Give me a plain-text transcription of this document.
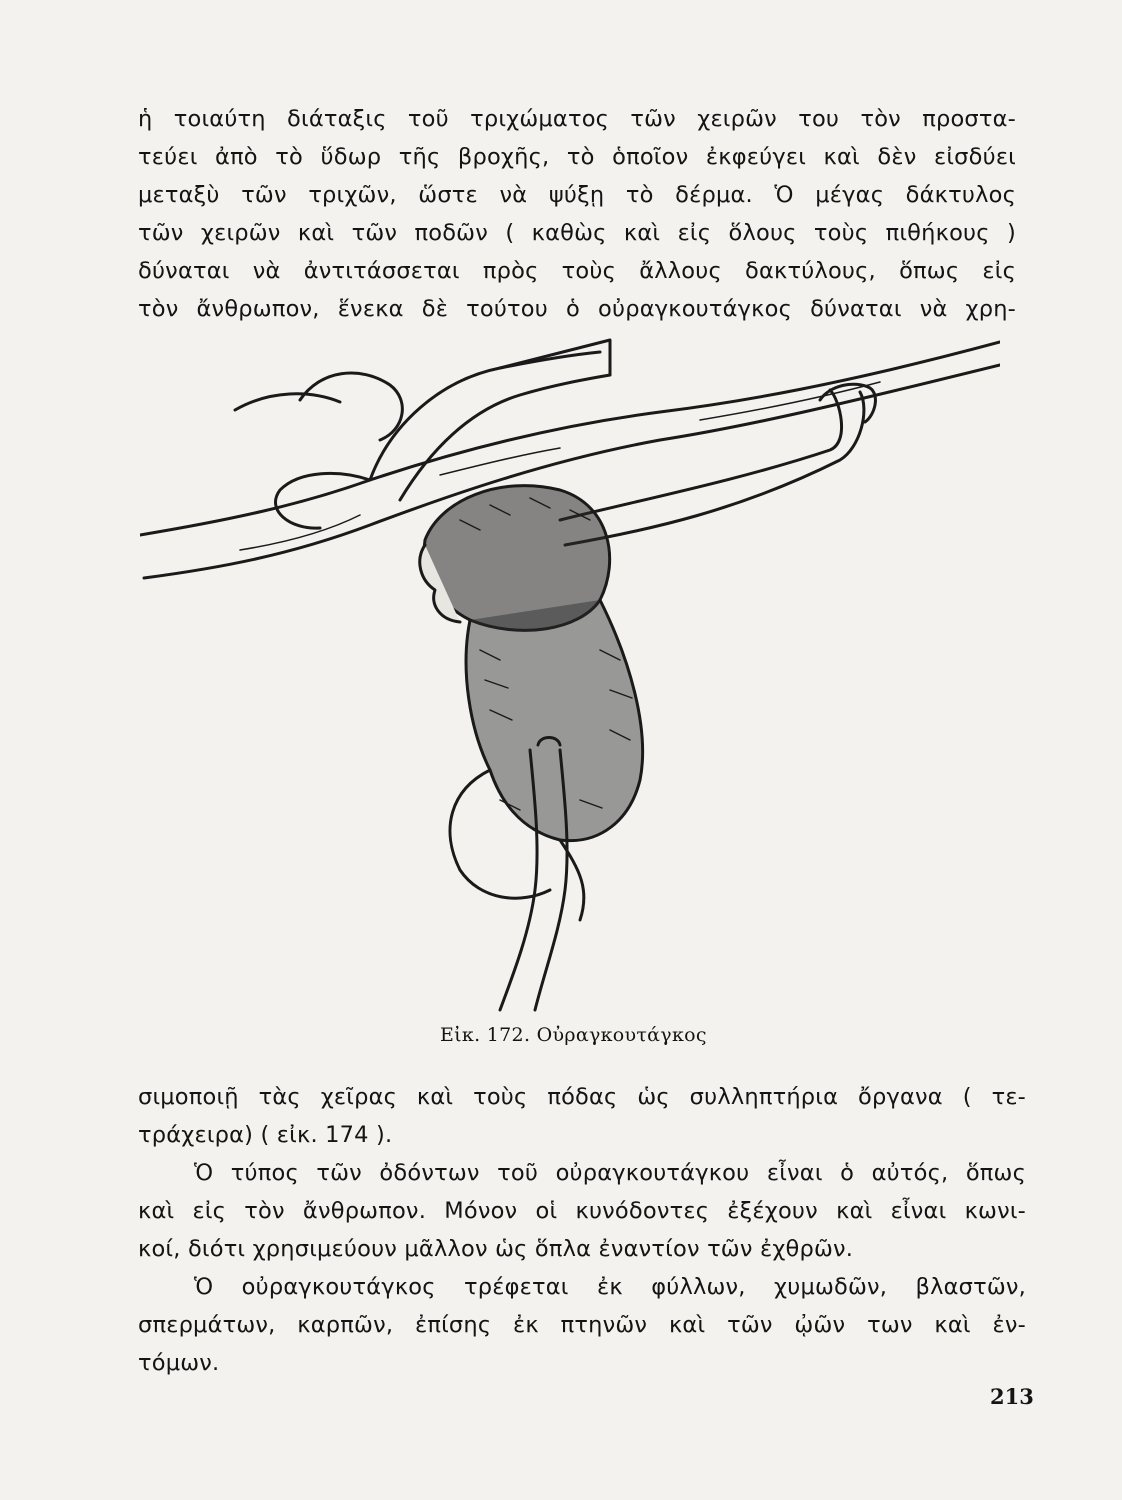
ἡ τοιαύτη διάταξις τοῦ τριχώματος τῶν χειρῶν του τὸν προστα-
τεύει ἀπὸ τὸ ὕδωρ τῆς βροχῆς, τὸ ὁποῖον ἐκφεύγει καὶ δὲν εἰσδύει
μεταξὺ τῶν τριχῶν, ὥστε νὰ ψύξῃ τὸ δέρμα. Ὁ μέγας δάκτυλος
τῶν χειρῶν καὶ τῶν ποδῶν ( καθὼς καὶ εἰς ὅλους τοὺς πιθήκους )
δύναται νὰ ἀντιτάσσεται πρὸς τοὺς ἄλλους δακτύλους, ὅπως εἰς
τὸν ἄνθρωπον, ἕνεκα δὲ τούτου ὁ οὐραγκουτάγκος δύναται νὰ χρη-
Εἰκ. 172. Οὐραγκουτάγκος
σιμοποιῇ τὰς χεῖρας καὶ τοὺς πόδας ὡς συλληπτήρια ὄργανα ( τε-
τράχειρα) ( εἰκ. 174 ).
Ὁ τύπος τῶν ὀδόντων τοῦ οὐραγκουτάγκου εἶναι ὁ αὐτός, ὅπως
καὶ εἰς τὸν ἄνθρωπον. Μόνον οἱ κυνόδοντες ἐξέχουν καὶ εἶναι κωνι-
κοί, διότι χρησιμεύουν μᾶλλον ὡς ὅπλα ἐναντίον τῶν ἐχθρῶν.
Ὁ οὐραγκουτάγκος τρέφεται ἐκ φύλλων, χυμωδῶν, βλαστῶν,
σπερμάτων, καρπῶν, ἐπίσης ἐκ πτηνῶν καὶ τῶν ᾠῶν των καὶ ἐν-
τόμων.
213
